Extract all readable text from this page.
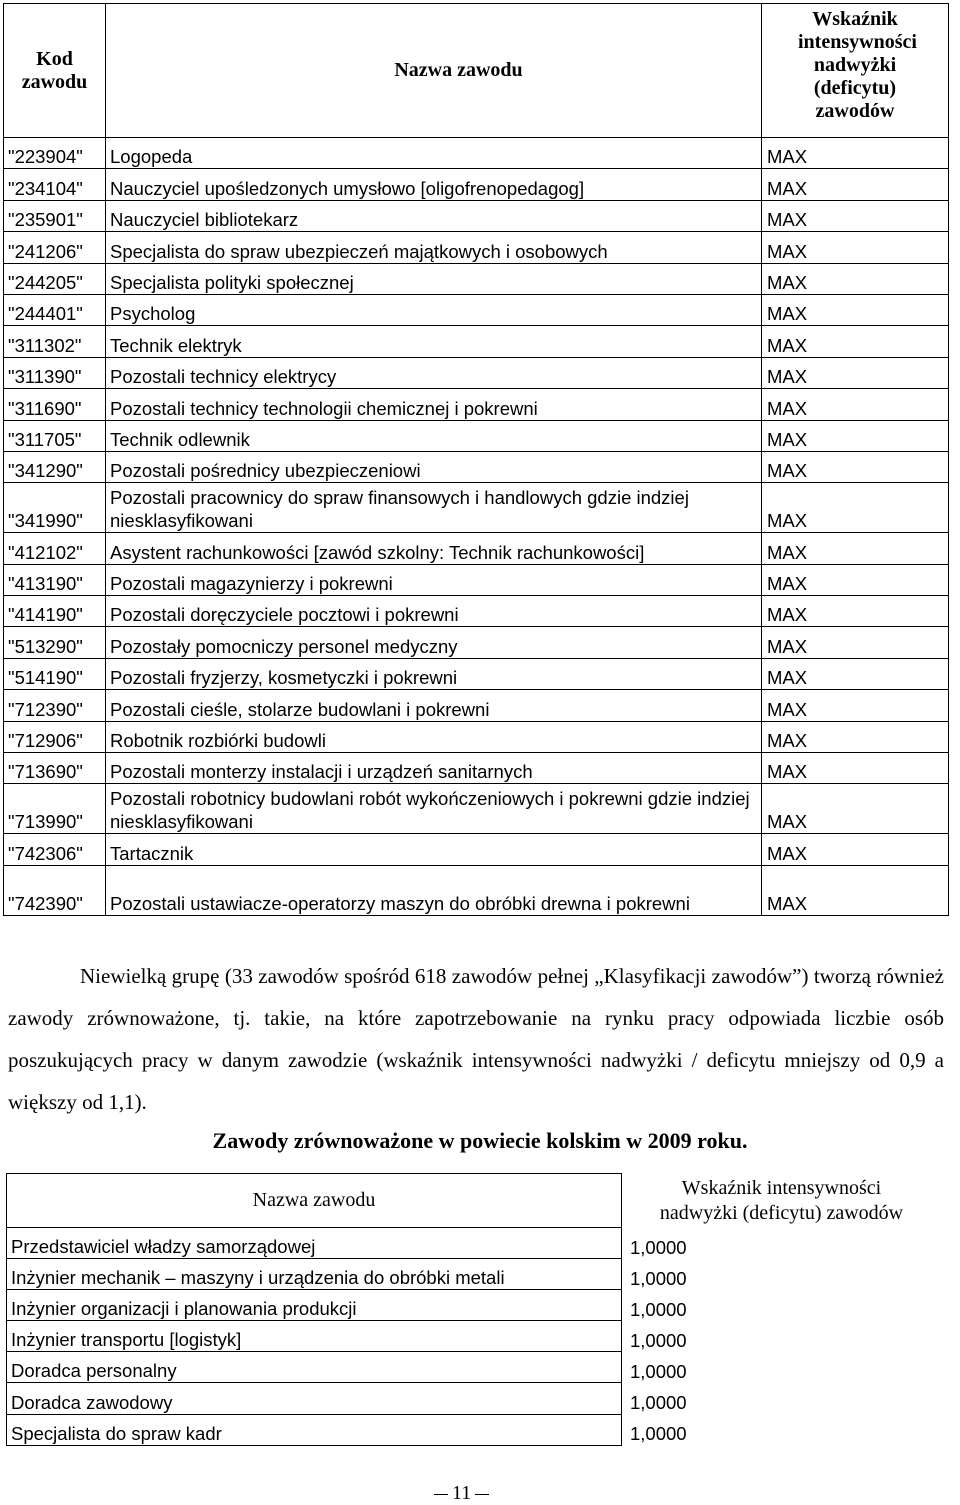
Kod zawodu	Nazwa zawodu	Wskaźnik intensywności nadwyżki (deficytu) zawodów
"223904"	Logopeda	MAX
"234104"	Nauczyciel upośledzonych umysłowo [oligofrenopedagog]	MAX
"235901"	Nauczyciel bibliotekarz	MAX
"241206"	Specjalista do spraw ubezpieczeń majątkowych i osobowych	MAX
"244205"	Specjalista polityki społecznej	MAX
"244401"	Psycholog	MAX
"311302"	Technik elektryk	MAX
"311390"	Pozostali technicy elektrycy	MAX
"311690"	Pozostali technicy technologii chemicznej i pokrewni	MAX
"311705"	Technik odlewnik	MAX
"341290"	Pozostali pośrednicy ubezpieczeniowi	MAX
"341990"	Pozostali pracownicy do spraw finansowych i handlowych gdzie indziej niesklasyfikowani	MAX
"412102"	Asystent rachunkowości [zawód szkolny: Technik rachunkowości]	MAX
"413190"	Pozostali magazynierzy i pokrewni	MAX
"414190"	Pozostali doręczyciele pocztowi i pokrewni	MAX
"513290"	Pozostały pomocniczy personel medyczny	MAX
"514190"	Pozostali fryzjerzy, kosmetyczki i pokrewni	MAX
"712390"	Pozostali cieśle, stolarze budowlani i pokrewni	MAX
"712906"	Robotnik rozbiórki budowli	MAX
"713690"	Pozostali monterzy instalacji i urządzeń sanitarnych	MAX
"713990"	Pozostali robotnicy budowlani robót wykończeniowych i pokrewni gdzie indziej niesklasyfikowani	MAX
"742306"	Tartacznik	MAX
"742390"	Pozostali ustawiacze-operatorzy maszyn do obróbki drewna i pokrewni	MAX

Niewielką grupę (33 zawodów spośród 618 zawodów pełnej „Klasyfikacji zawodów”) tworzą również zawody zrównoważone, tj. takie, na które zapotrzebowanie na rynku pracy odpowiada liczbie osób poszukujących pracy w danym zawodzie (wskaźnik intensywności nadwyżki / deficytu mniejszy od 0,9 a większy od 1,1).

Zawody zrównoważone w powiecie kolskim w 2009 roku.

Nazwa zawodu	Wskaźnik intensywności
nadwyżki (deficytu) zawodów

Przedstawiciel władzy samorządowej	1,0000
Inżynier mechanik – maszyny i urządzenia do obróbki metali	1,0000
Inżynier organizacji i planowania produkcji	1,0000
Inżynier transportu [logistyk]	1,0000
Doradca personalny	1,0000
Doradca zawodowy	1,0000
Specjalista do spraw kadr	1,0000
11
